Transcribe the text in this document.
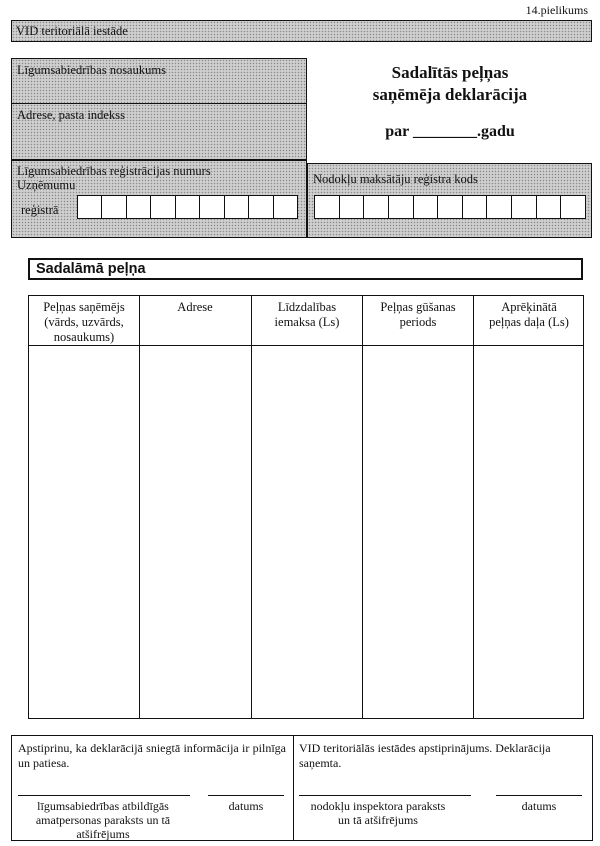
14.pielikums
VID teritoriālā iestāde
Līgumsabiedrības nosaukums
Adrese, pasta indekss
Līgumsabiedrības reģistrācijas numurs
Uzņēmumu
reģistrā
Sadalītās peļņas
saņēmēja deklarācija
par ________.gadu
Nodokļu maksātāju reģistra kods
Sadalāmā peļņa
Peļņas saņēmējs (vārds, uzvārds, nosaukums)
Adrese	Līdzdalības iemaksa (Ls)
Peļņas gūšanas periods
Aprēķinātā peļņas daļa (Ls)
Apstiprinu, ka deklarācijā sniegtā informācija ir pilnīga un patiesa.
līgumsabiedrības atbildīgās amatpersonas paraksts un tā atšifrējums
datums
VID teritoriālās iestādes apstiprinājums. Deklarācija saņemta.
nodokļu inspektora paraksts un tā atšifrējums
datums
